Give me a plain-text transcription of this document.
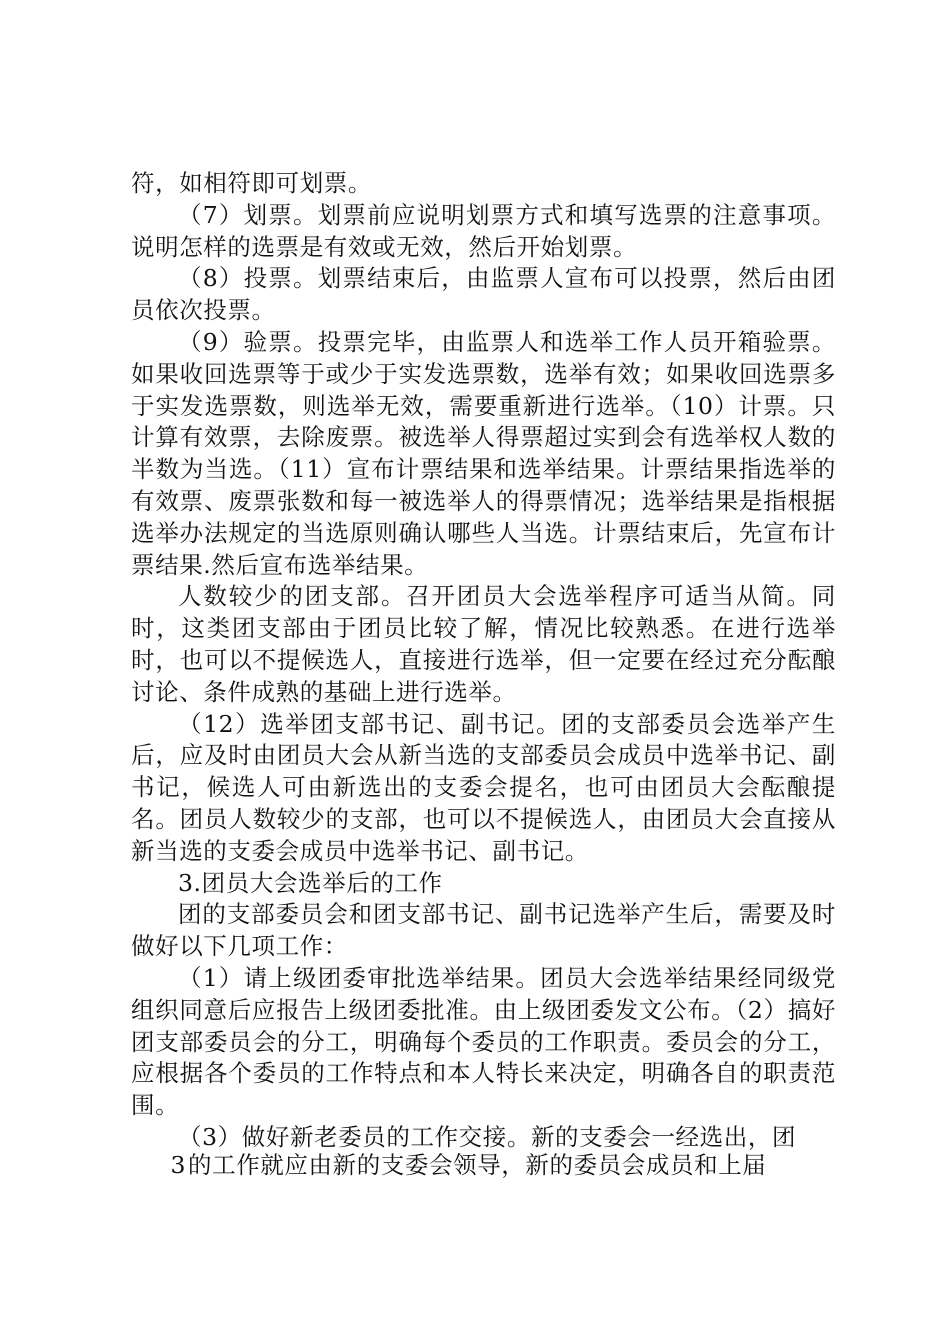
符，如相符即可划票。

（7）划票。划票前应说明划票方式和填写选票的注意事项。说明怎样的选票是有效或无效，然后开始划票。

（8）投票。划票结束后，由监票人宣布可以投票，然后由团员依次投票。

（9）验票。投票完毕，由监票人和选举工作人员开箱验票。如果收回选票等于或少于实发选票数，选举有效；如果收回选票多于实发选票数，则选举无效，需要重新进行选举。（10）计票。只计算有效票，去除废票。被选举人得票超过实到会有选举权人数的半数为当选。（11）宣布计票结果和选举结果。计票结果指选举的有效票、废票张数和每一被选举人的得票情况；选举结果是指根据选举办法规定的当选原则确认哪些人当选。计票结束后，先宣布计票结果.然后宣布选举结果。

人数较少的团支部。召开团员大会选举程序可适当从简。同时，这类团支部由于团员比较了解，情况比较熟悉。在进行选举时，也可以不提候选人，直接进行选举，但一定要在经过充分酝酿讨论、条件成熟的基础上进行选举。

（12）选举团支部书记、副书记。团的支部委员会选举产生后，应及时由团员大会从新当选的支部委员会成员中选举书记、副书记，候选人可由新选出的支委会提名，也可由团员大会酝酿提名。团员人数较少的支部，也可以不提候选人，由团员大会直接从新当选的支委会成员中选举书记、副书记。

3.团员大会选举后的工作

团的支部委员会和团支部书记、副书记选举产生后，需要及时做好以下几项工作：

（1）请上级团委审批选举结果。团员大会选举结果经同级党组织同意后应报告上级团委批准。由上级团委发文公布。（2）搞好团支部委员会的分工，明确每个委员的工作职责。委员会的分工，应根据各个委员的工作特点和本人特长来决定，明确各自的职责范围。

（3）做好新老委员的工作交接。新的支委会一经选出，团

3的工作就应由新的支委会领导，新的委员会成员和上届
